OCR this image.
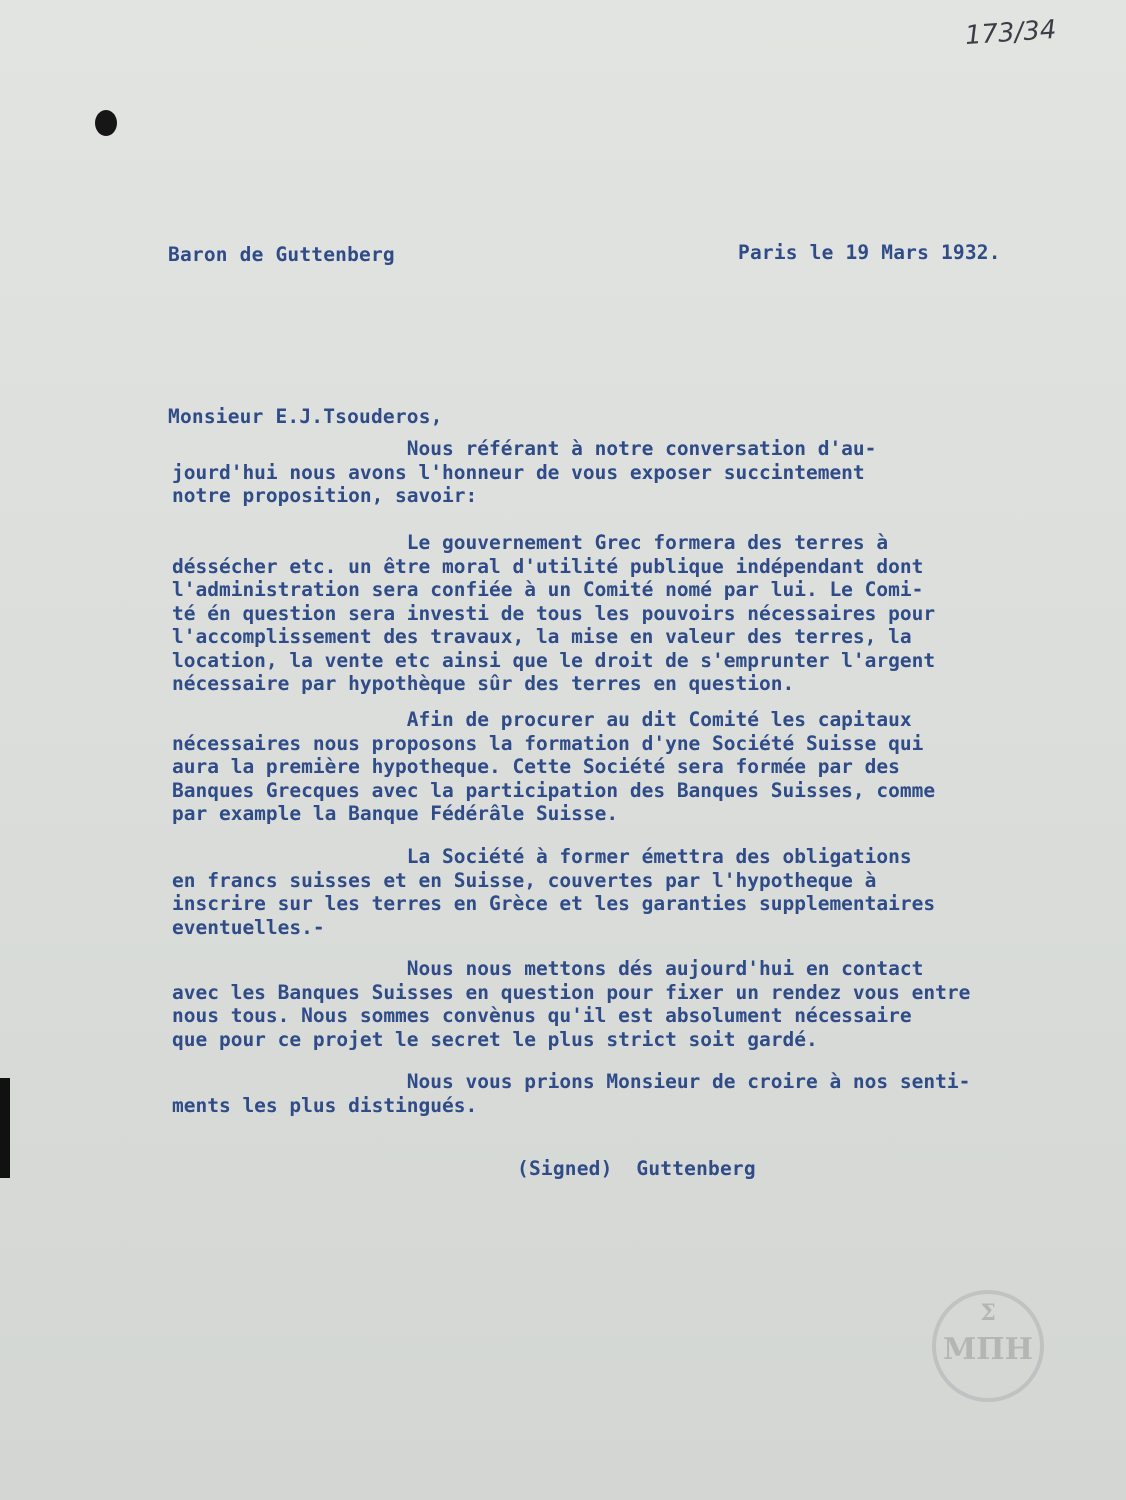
173/34
Baron de Guttenberg	Paris le 19 Mars 1932.
Monsieur E.J.Tsouderos,
Nous référant à notre conversation d'au-
jourd'hui nous avons l'honneur de vous exposer succintement
notre proposition, savoir:
Le gouvernement Grec formera des terres à
déssécher etc. un être moral d'utilité publique indépendant dont
l'administration sera confiée à un Comité nomé par lui. Le Comi-
té én question sera investi de tous les pouvoirs nécessaires pour
l'accomplissement des travaux, la mise en valeur des terres, la
location, la vente etc ainsi que le droit de s'emprunter l'argent
nécessaire par hypothèque sûr des terres en question.
Afin de procurer au dit Comité les capitaux
nécessaires nous proposons la formation d'yne Société Suisse qui
aura la première hypotheque. Cette Société sera formée par des
Banques Grecques avec la participation des Banques Suisses, comme
par example la Banque Fédérâle Suisse.
La Société à former émettra des obligations
en francs suisses et en Suisse, couvertes par l'hypotheque à
inscrire sur les terres en Grèce et les garanties supplementaires
eventuelles.-
Nous nous mettons dés aujourd'hui en contact
avec les Banques Suisses en question pour fixer un rendez vous entre
nous tous. Nous sommes convènus qu'il est absolument nécessaire
que pour ce projet le secret le plus strict soit gardé.
Nous vous prions Monsieur de croire à nos senti-
ments les plus distingués.
(Signed)  Guttenberg
Σ
ΜΠΗ
